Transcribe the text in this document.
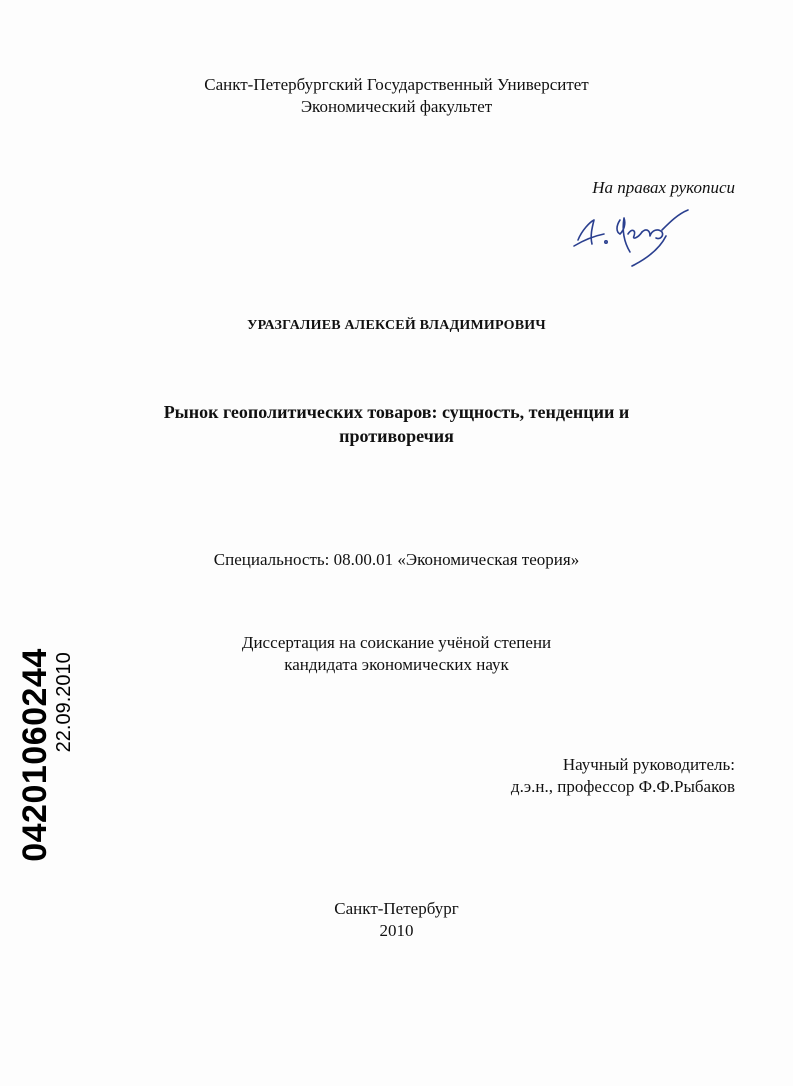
Санкт-Петербургский Государственный Университет
Экономический факультет
На правах рукописи
УРАЗГАЛИЕВ АЛЕКСЕЙ ВЛАДИМИРОВИЧ
Рынок геополитических товаров: сущность, тенденции и
противоречия
Специальность: 08.00.01 «Экономическая теория»
Диссертация на соискание учёной степени
кандидата экономических наук
Научный руководитель:
д.э.н., профессор Ф.Ф.Рыбаков
Санкт-Петербург
2010
04201060244 22.09.2010
